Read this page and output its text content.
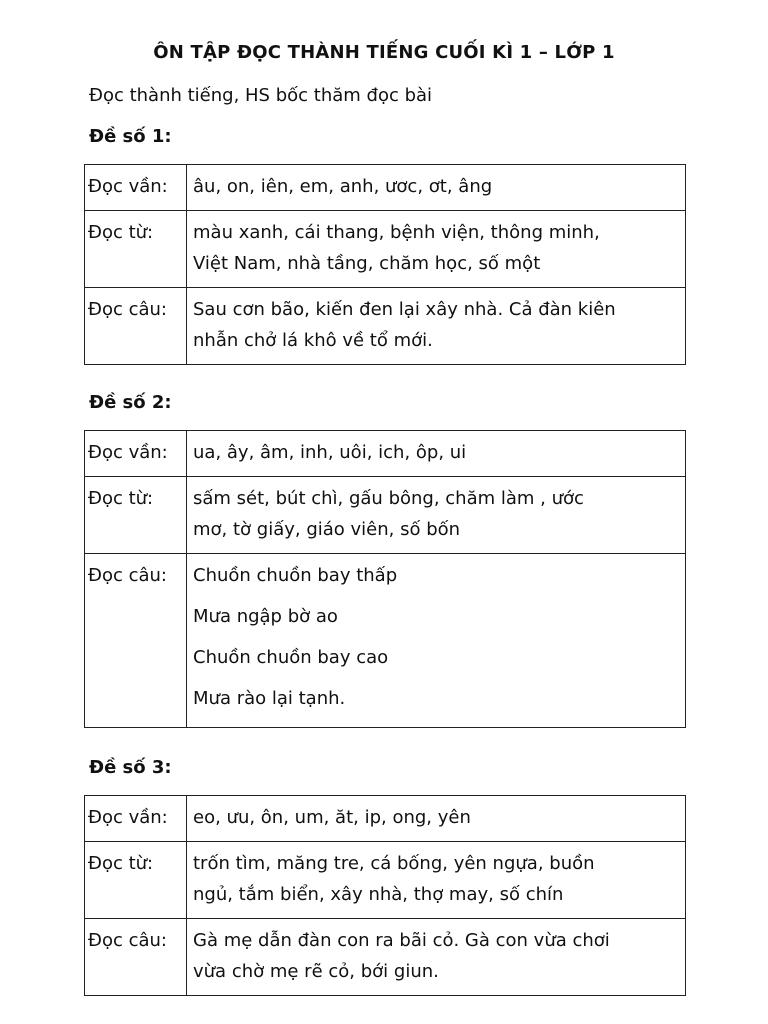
ÔN TẬP ĐỌC THÀNH TIẾNG CUỐI KÌ 1 – LỚP 1
Đọc thành tiếng, HS bốc thăm đọc bài
Đề số 1:
Đọc vần:	âu, on, iên, em, anh, ươc, ơt, âng
Đọc từ:	màu xanh, cái thang, bệnh viện, thông minh,
Việt Nam, nhà tầng, chăm học, số một

Đọc câu:	Sau cơn bão, kiến đen lại xây nhà. Cả đàn kiên
nhẫn chở lá khô về tổ mới.
Đề số 2:
Đọc vần:	ua, ây, âm, inh, uôi, ich, ôp, ui
Đọc từ:	sấm sét, bút chì, gấu bông, chăm làm , ước
mơ, tờ giấy, giáo viên, số bốn

Đọc câu:	Chuồn chuồn bay thấp
Mưa ngập bờ ao
Chuồn chuồn bay cao
Mưa rào lại tạnh.
Đề số 3:
Đọc vần:	eo, ưu, ôn, um, ăt, ip, ong, yên
Đọc từ:	trốn tìm, măng tre, cá bống, yên ngựa, buồn
ngủ, tắm biển, xây nhà, thợ may, số chín

Đọc câu:	Gà mẹ dẫn đàn con ra bãi cỏ. Gà con vừa chơi
vừa chờ mẹ rẽ cỏ, bới giun.
